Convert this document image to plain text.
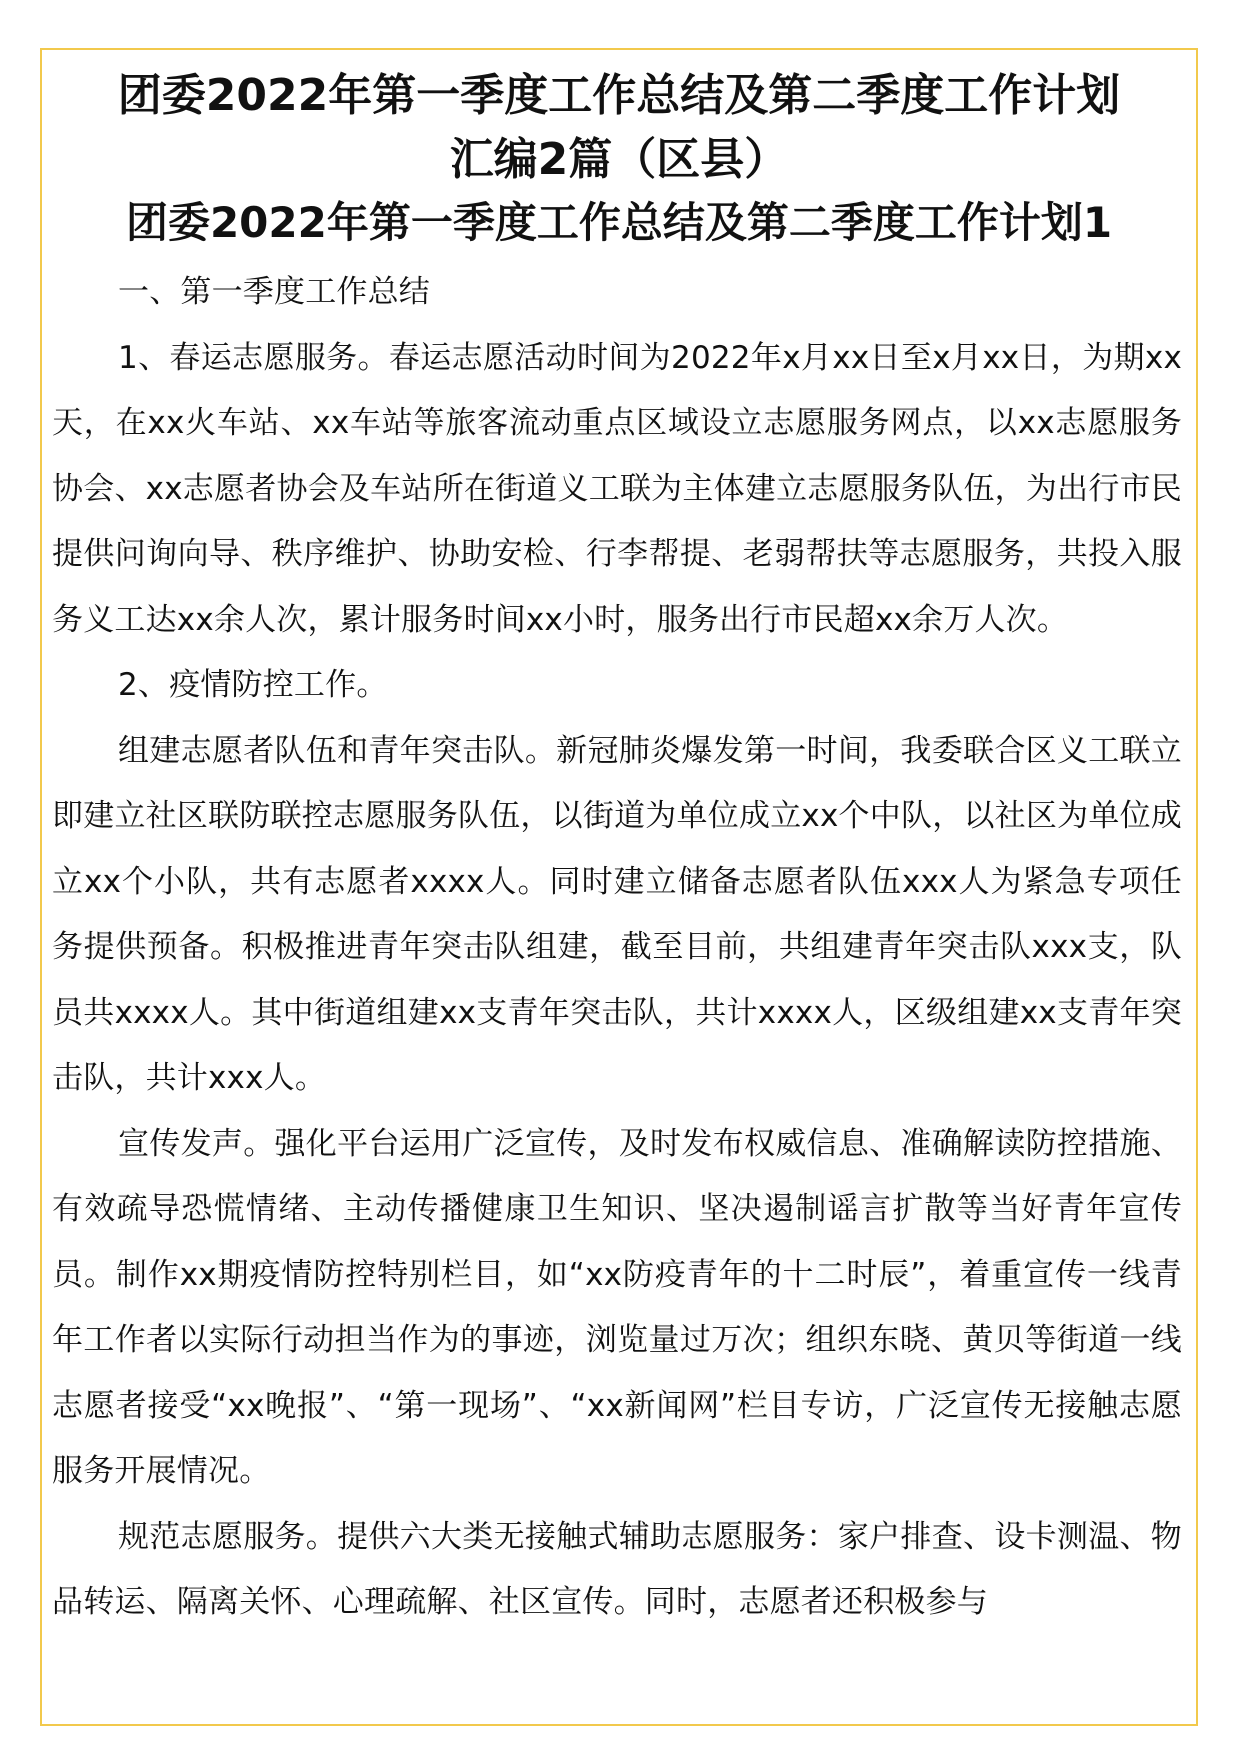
团委2022年第一季度工作总结及第二季度工作计划
汇编2篇（区县）
团委2022年第一季度工作总结及第二季度工作计划1

一、第一季度工作总结

1、春运志愿服务。春运志愿活动时间为2022年x月xx日至x月xx日，为期xx天，在xx火车站、xx车站等旅客流动重点区域设立志愿服务网点，以xx志愿服务协会、xx志愿者协会及车站所在街道义工联为主体建立志愿服务队伍，为出行市民提供问询向导、秩序维护、协助安检、行李帮提、老弱帮扶等志愿服务，共投入服务义工达xx余人次，累计服务时间xx小时，服务出行市民超xx余万人次。

2、疫情防控工作。

组建志愿者队伍和青年突击队。新冠肺炎爆发第一时间，我委联合区义工联立即建立社区联防联控志愿服务队伍，以街道为单位成立xx个中队，以社区为单位成立xx个小队，共有志愿者xxxx人。同时建立储备志愿者队伍xxx人为紧急专项任务提供预备。积极推进青年突击队组建，截至目前，共组建青年突击队xxx支，队员共xxxx人。其中街道组建xx支青年突击队，共计xxxx人，区级组建xx支青年突击队，共计xxx人。

宣传发声。强化平台运用广泛宣传，及时发布权威信息、准确解读防控措施、有效疏导恐慌情绪、主动传播健康卫生知识、坚决遏制谣言扩散等当好青年宣传员。制作xx期疫情防控特别栏目，如“xx防疫青年的十二时辰”，着重宣传一线青年工作者以实际行动担当作为的事迹，浏览量过万次；组织东晓、黄贝等街道一线志愿者接受“xx晚报”、“第一现场”、“xx新闻网”栏目专访，广泛宣传无接触志愿服务开展情况。

规范志愿服务。提供六大类无接触式辅助志愿服务：家户排查、设卡测温、物品转运、隔离关怀、心理疏解、社区宣传。同时，志愿者还积极参与
